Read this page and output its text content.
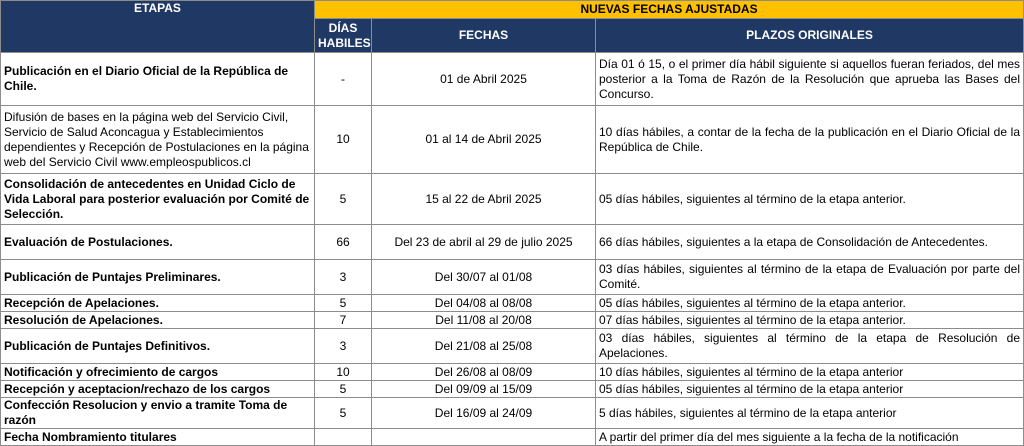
ETAPAS	NUEVAS FECHAS AJUSTADAS		
	DÍAS HABILES	FECHAS	PLAZOS ORIGINALES
Publicación en el Diario Oficial de la República de Chile.	-	01 de Abril 2025	Día 01 ó 15, o el primer día hábil siguiente si aquellos fueran feriados, del mes posterior a la Toma de Razón de la Resolución que aprueba las Bases del Concurso.
Difusión de bases en la página web del Servicio Civil, Servicio de Salud Aconcagua y Establecimientos dependientes y Recepción de Postulaciones en la página web del Servicio Civil www.empleospublicos.cl	10	01 al 14 de Abril 2025	10 días hábiles, a contar de la fecha de la publicación en el Diario Oficial de la República de Chile.
Consolidación de antecedentes en Unidad Ciclo de Vida Laboral para posterior evaluación por Comité de Selección.	5	15 al 22 de Abril 2025	05 días hábiles, siguientes al término de la etapa anterior.
Evaluación de Postulaciones.	66	Del 23 de abril al 29 de julio 2025	66 días hábiles, siguientes a la etapa de Consolidación de Antecedentes.
Publicación de Puntajes Preliminares.	3	Del 30/07 al 01/08	03 días hábiles, siguientes al término de la etapa de Evaluación por parte del Comité.
Recepción de Apelaciones.	5	Del 04/08 al 08/08	05 días hábiles, siguientes al término de la etapa anterior.
Resolución de Apelaciones.	7	Del 11/08 al 20/08	07 días hábiles, siguientes al término de la etapa anterior.
Publicación de Puntajes Definitivos.	3	Del 21/08 al 25/08	03 días hábiles, siguientes al término de la etapa de Resolución de Apelaciones.
Notificación y ofrecimiento de cargos	10	Del 26/08 al 08/09	10 días hábiles, siguientes al término de la etapa anterior
Recepción y aceptacion/rechazo de los cargos	5	Del 09/09 al 15/09	05 días hábiles, siguientes al término de la etapa anterior
Confección Resolucion y envio a tramite Toma de razón	5	Del 16/09 al 24/09	5 días hábiles, siguientes al término de la etapa anterior
Fecha Nombramiento titulares			A partir del primer día del mes siguiente a la fecha de la notificación
